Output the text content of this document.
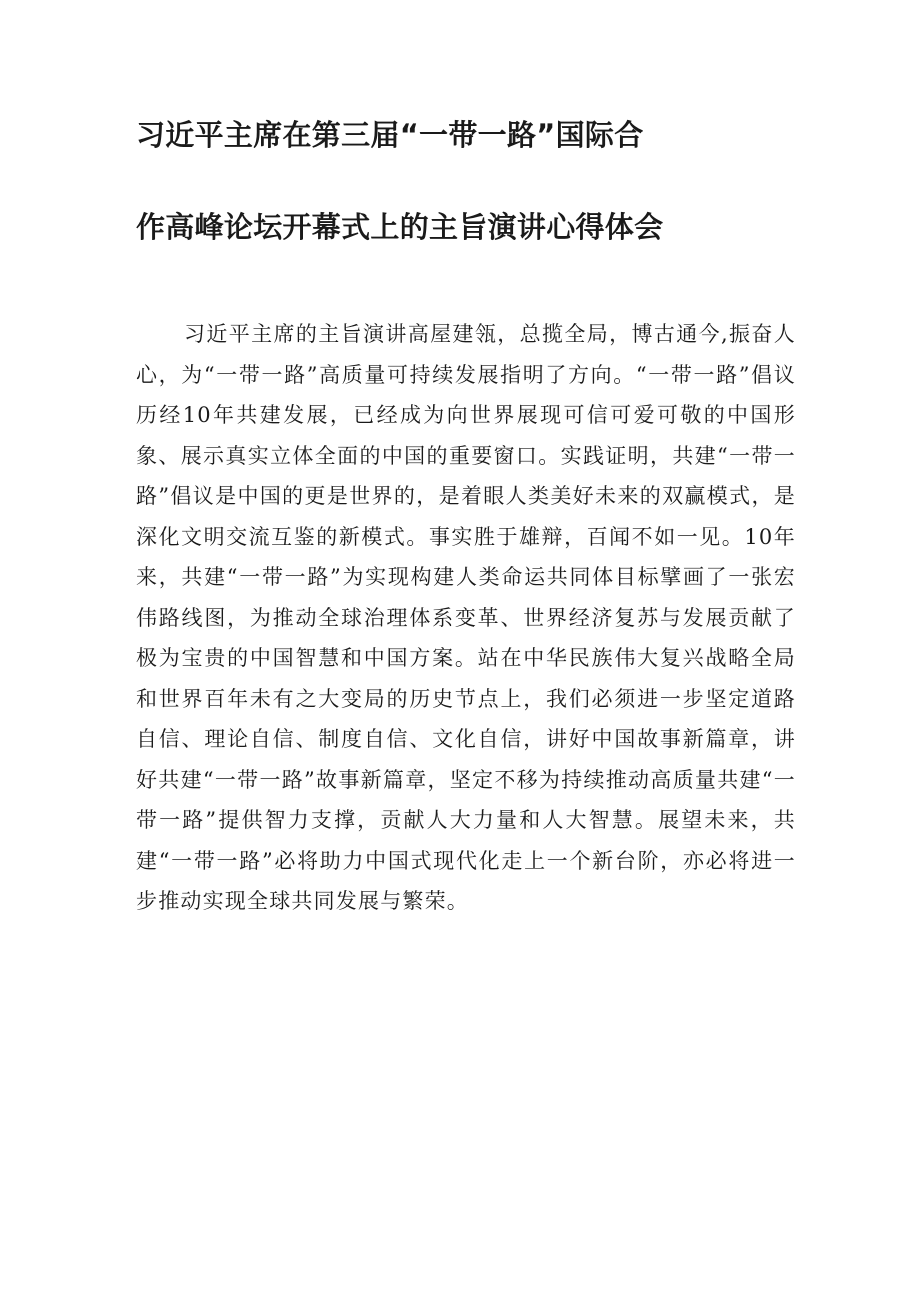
习近平主席在第三届“一带一路”国际合
作高峰论坛开幕式上的主旨演讲心得体会

习近平主席的主旨演讲高屋建瓴，总揽全局，博古通今,振奋人心，为“一带一路”高质量可持续发展指明了方向。“一带一路”倡议历经10年共建发展，已经成为向世界展现可信可爱可敬的中国形象、展示真实立体全面的中国的重要窗口。实践证明，共建“一带一路”倡议是中国的更是世界的，是着眼人类美好未来的双赢模式，是深化文明交流互鉴的新模式。事实胜于雄辩，百闻不如一见。10年来，共建“一带一路”为实现构建人类命运共同体目标擘画了一张宏伟路线图，为推动全球治理体系变革、世界经济复苏与发展贡献了极为宝贵的中国智慧和中国方案。站在中华民族伟大复兴战略全局和世界百年未有之大变局的历史节点上，我们必须进一步坚定道路自信、理论自信、制度自信、文化自信，讲好中国故事新篇章，讲好共建“一带一路”故事新篇章，坚定不移为持续推动高质量共建“一带一路”提供智力支撑，贡献人大力量和人大智慧。展望未来，共建“一带一路”必将助力中国式现代化走上一个新台阶，亦必将进一步推动实现全球共同发展与繁荣。
